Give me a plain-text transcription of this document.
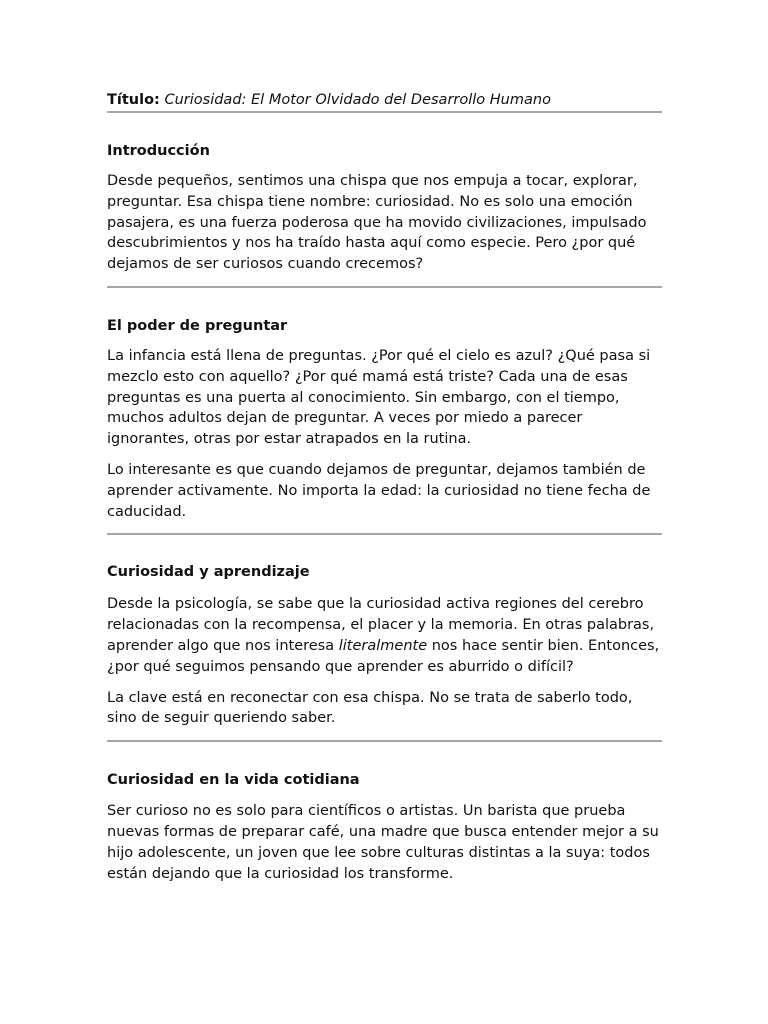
Título: Curiosidad: El Motor Olvidado del Desarrollo Humano

Introducción

Desde pequeños, sentimos una chispa que nos empuja a tocar, explorar, preguntar. Esa chispa tiene nombre: curiosidad. No es solo una emoción pasajera, es una fuerza poderosa que ha movido civilizaciones, impulsado descubrimientos y nos ha traído hasta aquí como especie. Pero ¿por qué dejamos de ser curiosos cuando crecemos?

El poder de preguntar

La infancia está llena de preguntas. ¿Por qué el cielo es azul? ¿Qué pasa si mezclo esto con aquello? ¿Por qué mamá está triste? Cada una de esas preguntas es una puerta al conocimiento. Sin embargo, con el tiempo, muchos adultos dejan de preguntar. A veces por miedo a parecer ignorantes, otras por estar atrapados en la rutina.

Lo interesante es que cuando dejamos de preguntar, dejamos también de aprender activamente. No importa la edad: la curiosidad no tiene fecha de caducidad.

Curiosidad y aprendizaje

Desde la psicología, se sabe que la curiosidad activa regiones del cerebro relacionadas con la recompensa, el placer y la memoria. En otras palabras, aprender algo que nos interesa literalmente nos hace sentir bien. Entonces, ¿por qué seguimos pensando que aprender es aburrido o difícil?

La clave está en reconectar con esa chispa. No se trata de saberlo todo, sino de seguir queriendo saber.

Curiosidad en la vida cotidiana

Ser curioso no es solo para científicos o artistas. Un barista que prueba nuevas formas de preparar café, una madre que busca entender mejor a su hijo adolescente, un joven que lee sobre culturas distintas a la suya: todos están dejando que la curiosidad los transforme.
